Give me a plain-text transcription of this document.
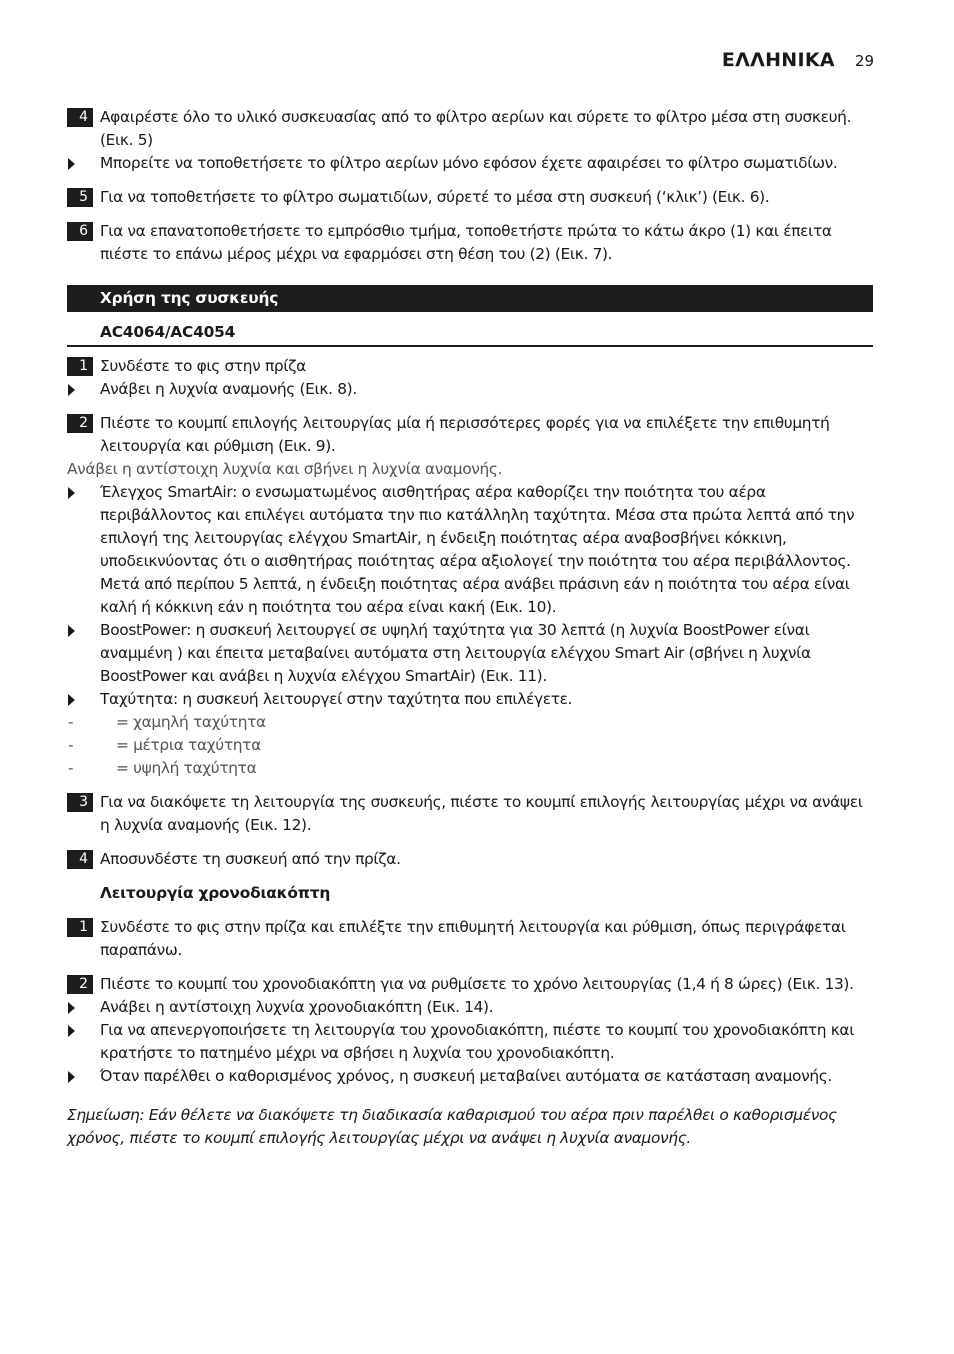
ΕΛΛΗΝΙΚΑ 29
4 Αφαιρέστε όλο το υλικό συσκευασίας από το φίλτρο αερίων και σύρετε το φίλτρο μέσα στη συσκευή. (Εικ. 5)
Μπορείτε να τοποθετήσετε το φίλτρο αερίων μόνο εφόσον έχετε αφαιρέσει το φίλτρο σωματιδίων.
5 Για να τοποθετήσετε το φίλτρο σωματιδίων, σύρετέ το μέσα στη συσκευή (‘κλικ’) (Εικ. 6).
6 Για να επανατοποθετήσετε το εμπρόσθιο τμήμα, τοποθετήστε πρώτα το κάτω άκρο (1) και έπειτα πιέστε το επάνω μέρος μέχρι να εφαρμόσει στη θέση του (2) (Εικ. 7).
Χρήση της συσκευής
AC4064/AC4054
1 Συνδέστε το φις στην πρίζα
Ανάβει η λυχνία αναμονής (Εικ. 8).
2 Πιέστε το κουμπί επιλογής λειτουργίας μία ή περισσότερες φορές για να επιλέξετε την επιθυμητή λειτουργία και ρύθμιση (Εικ. 9).
Ανάβει η αντίστοιχη λυχνία και σβήνει η λυχνία αναμονής.
Έλεγχος SmartAir: ο ενσωματωμένος αισθητήρας αέρα καθορίζει την ποιότητα του αέρα περιβάλλοντος και επιλέγει αυτόματα την πιο κατάλληλη ταχύτητα. Μέσα στα πρώτα λεπτά από την επιλογή της λειτουργίας ελέγχου SmartAir, η ένδειξη ποιότητας αέρα αναβοσβήνει κόκκινη, υποδεικνύοντας ότι ο αισθητήρας ποιότητας αέρα αξιολογεί την ποιότητα του αέρα περιβάλλοντος. Μετά από περίπου 5 λεπτά, η ένδειξη ποιότητας αέρα ανάβει πράσινη εάν η ποιότητα του αέρα είναι καλή ή κόκκινη εάν η ποιότητα του αέρα είναι κακή (Εικ. 10).
BoostPower: η συσκευή λειτουργεί σε υψηλή ταχύτητα για 30 λεπτά (η λυχνία BoostPower είναι αναμμένη ) και έπειτα μεταβαίνει αυτόματα στη λειτουργία ελέγχου Smart Air (σβήνει η λυχνία BoostPower και ανάβει η λυχνία ελέγχου SmartAir) (Εικ. 11).
Ταχύτητα: η συσκευή λειτουργεί στην ταχύτητα που επιλέγετε.
-	= χαμηλή ταχύτητα
-	= μέτρια ταχύτητα
-	= υψηλή ταχύτητα
3 Για να διακόψετε τη λειτουργία της συσκευής, πιέστε το κουμπί επιλογής λειτουργίας μέχρι να ανάψει η λυχνία αναμονής (Εικ. 12).
4 Αποσυνδέστε τη συσκευή από την πρίζα.
Λειτουργία χρονοδιακόπτη
1 Συνδέστε το φις στην πρίζα και επιλέξτε την επιθυμητή λειτουργία και ρύθμιση, όπως περιγράφεται παραπάνω.
2 Πιέστε το κουμπί του χρονοδιακόπτη για να ρυθμίσετε το χρόνο λειτουργίας (1,4 ή 8 ώρες) (Εικ. 13).
Ανάβει η αντίστοιχη λυχνία χρονοδιακόπτη (Εικ. 14).
Για να απενεργοποιήσετε τη λειτουργία του χρονοδιακόπτη, πιέστε το κουμπί του χρονοδιακόπτη και κρατήστε το πατημένο μέχρι να σβήσει η λυχνία του χρονοδιακόπτη.
Όταν παρέλθει ο καθορισμένος χρόνος, η συσκευή μεταβαίνει αυτόματα σε κατάσταση αναμονής.
Σημείωση: Εάν θέλετε να διακόψετε τη διαδικασία καθαρισμού του αέρα πριν παρέλθει ο καθορισμένος χρόνος, πιέστε το κουμπί επιλογής λειτουργίας μέχρι να ανάψει η λυχνία αναμονής.
